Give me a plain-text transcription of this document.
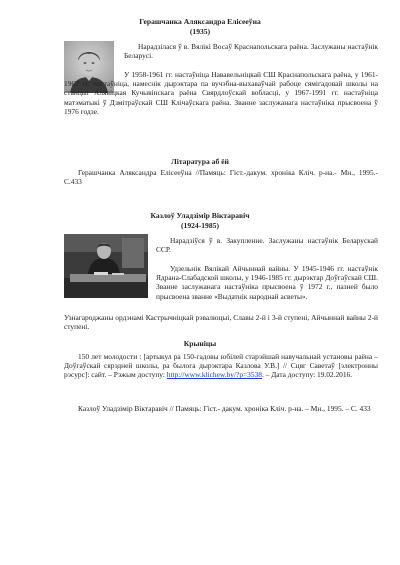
Герашчанка Аляксандра Елісееўна
(1935)

Нарадзілася ў в. Вялікі Восаў Краснапольскага раёна. Заслужаны настаўнік Беларусі.

У 1958-1961 гг. настаўніца Нававельніцкай СШ Краснапольскага раёна, у 1961-1967 гг. настаўніца, намеснік дырэктара па вучэбна-выхаваўчай рабоце сямігадовай школы на станцыі Алявіцкая Кучывінскага раёна Свярдлоўскай вобласці, у 1967-1991 гг. настаўніца матэматыкі ў Дзмітраўскай СШ Клічаўскага раёна. Званне заслужанага настаўніка прысвоена ў 1976 годзе.

Літаратура аб ёй

Герашчанка Аляксандра Елісееўна //Памяць: Гіст.-дакум. хроніка Кліч. р-на.- Мн., 1995.- С.433

Казлоў Уладзімір Віктаравіч
(1924-1985)

Нарадзіўся ў в. Закупленне. Заслужаны настаўнік Беларускай ССР.

Удзельнік Вялікай Айчыннай вайны. У 1945-1946 гг. настаўнік Ядрана-Слабадской школы, у 1946-1985 гг. дырэктар Доўгаўскай СШ. Званне заслужанага настаўніка прысвоена ў 1972 г., пазней было прысвоена званне «Выдатнік народнай асветы».

Узнагароджаны ордэнамі Кастрычніцкай рэвалюцыі, Славы 2-й і 3-й ступені, Айчыннай вайны 2-й ступені.

Крыніцы

150 лет молодости : [артыкул ра 150-гадовы юбілей старэйшай навучальнай установы раёна – Доўгаўскай сярэдней школы, ра былога дырэктара Казлова У.В.] // Сцяг Саветаў [электронны рэсурс]: сайт. – Рэжым доступу: http://www.klichew.by/?p=3538. – Дата доступу: 19.02.2016.

Казлоў Уладзімір Віктаравіч // Памяць: Гіст.- дакум. хроніка Кліч. р-на. – Мн., 1995. – С. 433
